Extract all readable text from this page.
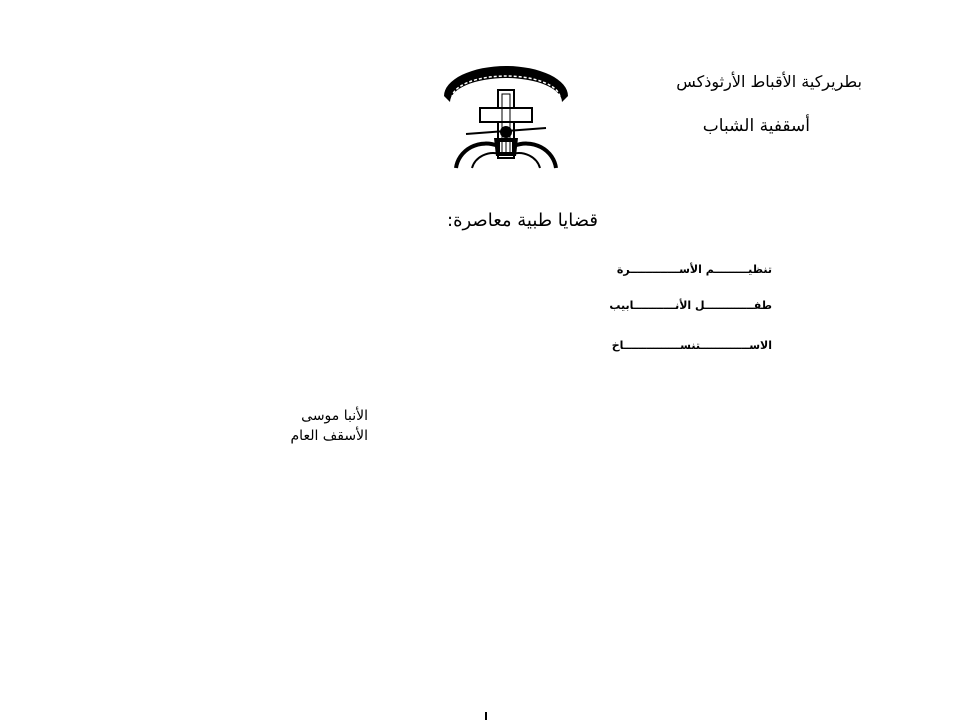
بطريركية الأقباط الأرثوذكس
أسقفية الشباب
قضايا طبية معاصرة:
تنظيـــــــــم الأســـــــــــــرة
طفـــــــــــــل الأنـــــــــــابيب
الاســـــــــــــتنســـــــــــــــاخ
الأنبا موسى
الأسقف العام
